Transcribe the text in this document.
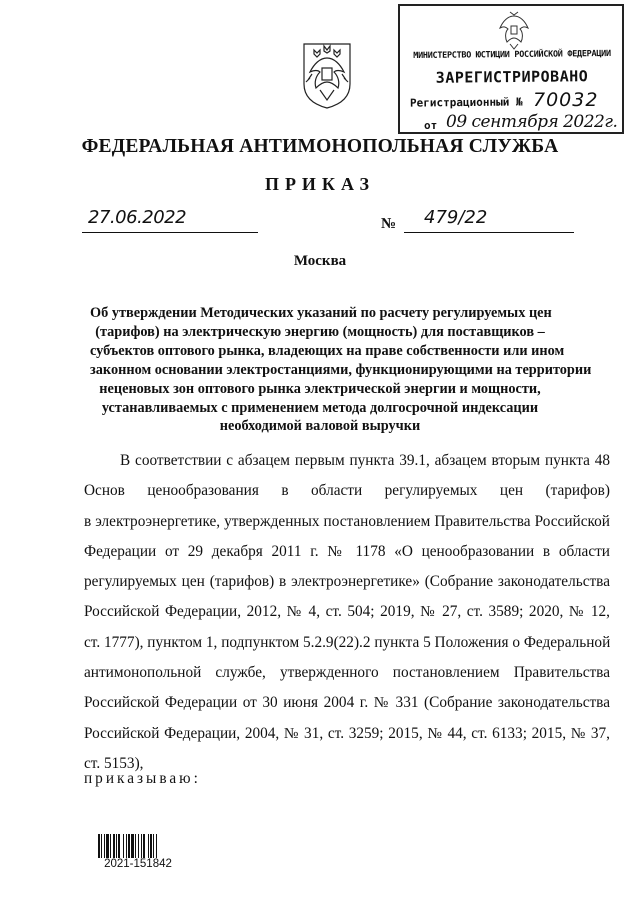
МИНИСТЕРСТВО ЮСТИЦИИ РОССИЙСКОЙ ФЕДЕРАЦИИ
ЗАРЕГИСТРИРОВАНО
Регистрационный № 70032
от 09 сентября 2022г.
ФЕДЕРАЛЬНАЯ АНТИМОНОПОЛЬНАЯ СЛУЖБА
ПРИКАЗ
27.06.2022	№	479/22
Москва
Об утверждении Методических указаний по расчету регулируемых цен
(тарифов) на электрическую энергию (мощность) для поставщиков –
субъектов оптового рынка, владеющих на праве собственности или ином
законном основании электростанциями, функционирующими на территории
неценовых зон оптового рынка электрической энергии и мощности,
устанавливаемых с применением метода долгосрочной индексации
необходимой валовой выручки
В соответствии с абзацем первым пункта 39.1, абзацем вторым пункта 48
Основ ценообразования в области регулируемых цен (тарифов)
в электроэнергетике, утвержденных постановлением Правительства Российской
Федерации от 29 декабря 2011 г. № 1178 «О ценообразовании в области
регулируемых цен (тарифов) в электроэнергетике» (Собрание законодательства
Российской Федерации, 2012, № 4, ст. 504; 2019, № 27, ст. 3589; 2020, № 12,
ст. 1777), пунктом 1, подпунктом 5.2.9(22).2 пункта 5 Положения о Федеральной
антимонопольной службе, утвержденного постановлением Правительства
Российской Федерации от 30 июня 2004 г. № 331 (Собрание законодательства
Российской Федерации, 2004, № 31, ст. 3259; 2015, № 44, ст. 6133; 2015, № 37,
ст. 5153),
приказываю:
2021-151842
